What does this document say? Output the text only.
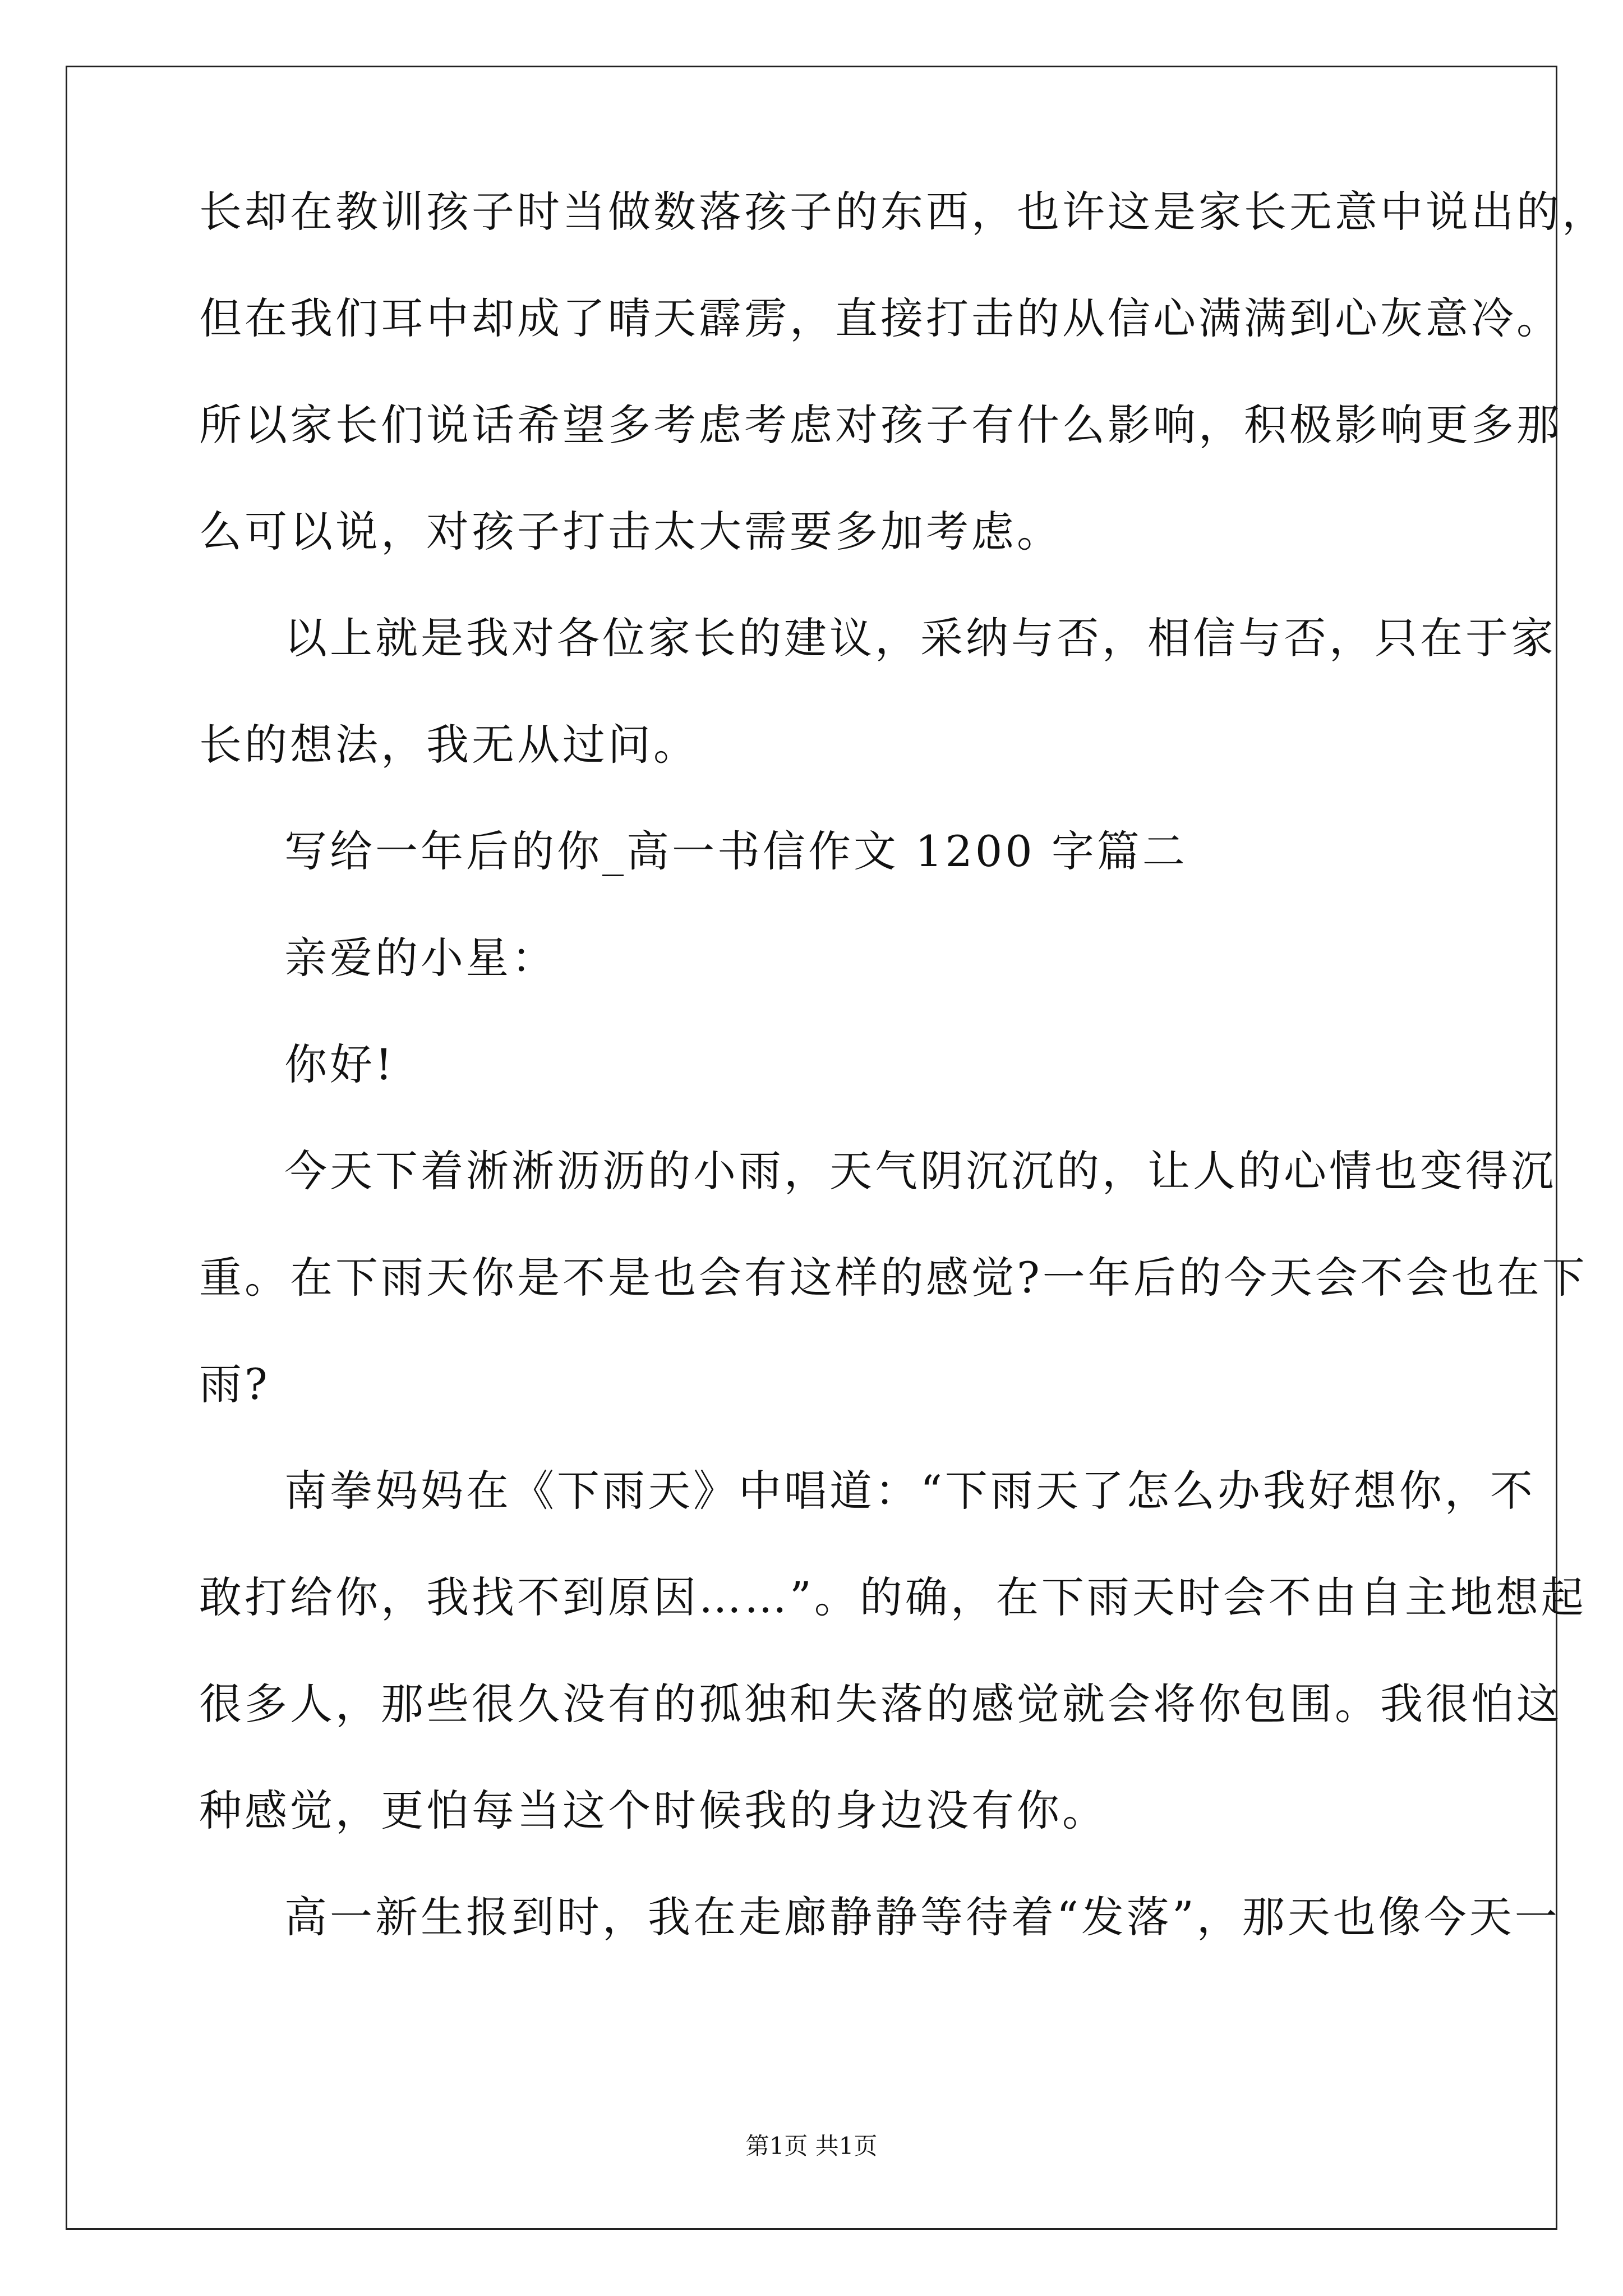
长却在教训孩子时当做数落孩子的东西，也许这是家长无意中说出的，
但在我们耳中却成了晴天霹雳，直接打击的从信心满满到心灰意冷。
所以家长们说话希望多考虑考虑对孩子有什么影响，积极影响更多那
么可以说，对孩子打击太大需要多加考虑。
以上就是我对各位家长的建议，采纳与否，相信与否，只在于家
长的想法，我无从过问。
写给一年后的你_高一书信作文 1200 字篇二
亲爱的小星：
你好!
今天下着淅淅沥沥的小雨，天气阴沉沉的，让人的心情也变得沉
重。在下雨天你是不是也会有这样的感觉?一年后的今天会不会也在下
雨?
南拳妈妈在《下雨天》中唱道：“下雨天了怎么办我好想你，不
敢打给你，我找不到原因……”。的确，在下雨天时会不由自主地想起
很多人，那些很久没有的孤独和失落的感觉就会将你包围。我很怕这
种感觉，更怕每当这个时候我的身边没有你。
高一新生报到时，我在走廊静静等待着“发落”，那天也像今天一
第1页 共1页
